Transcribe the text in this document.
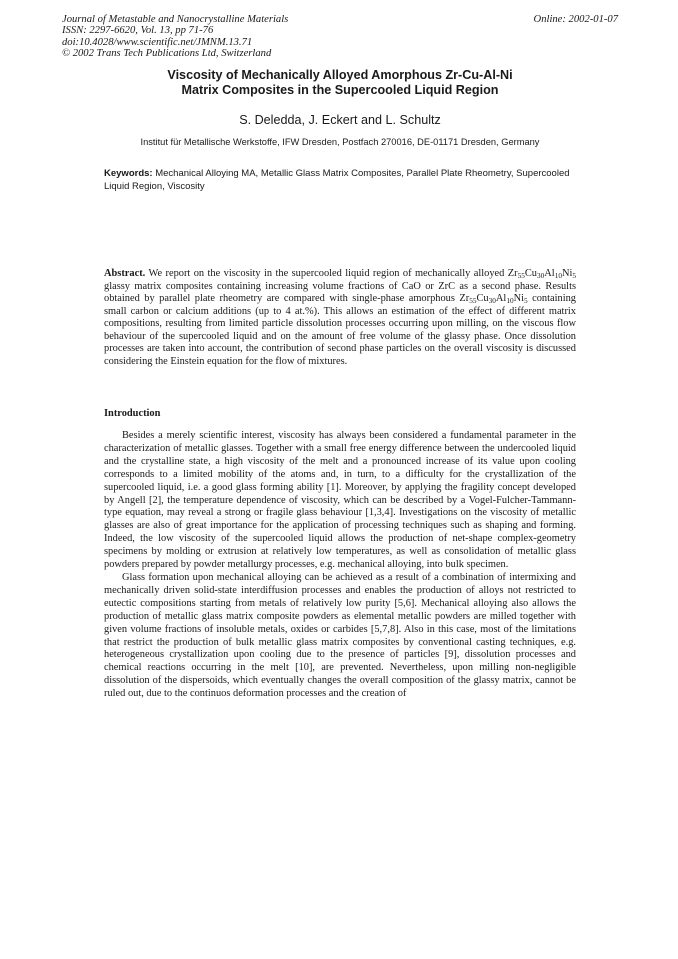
Journal of Metastable and Nanocrystalline Materials
ISSN: 2297-6620, Vol. 13, pp 71-76
doi:10.4028/www.scientific.net/JMNM.13.71
© 2002 Trans Tech Publications Ltd, Switzerland
Online: 2002-01-07
Viscosity of Mechanically Alloyed Amorphous Zr-Cu-Al-Ni
Matrix Composites in the Supercooled Liquid Region
S. Deledda, J. Eckert and L. Schultz
Institut für Metallische Werkstoffe, IFW Dresden, Postfach 270016, DE-01171 Dresden, Germany
Keywords: Mechanical Alloying MA, Metallic Glass Matrix Composites, Parallel Plate Rheometry, Supercooled Liquid Region, Viscosity
Abstract. We report on the viscosity in the supercooled liquid region of mechanically alloyed $Zr_{55}Cu_{30}Al_{10}Ni_5$ glassy matrix composites containing increasing volume fractions of CaO or ZrC as a second phase. Results obtained by parallel plate rheometry are compared with single-phase amorphous $Zr_{55}Cu_{30}Al_{10}Ni_5$ containing small carbon or calcium additions (up to 4 at.%). This allows an estimation of the effect of different matrix compositions, resulting from limited particle dissolution processes occurring upon milling, on the viscous flow behaviour of the supercooled liquid and on the amount of free volume of the glassy phase. Once dissolution processes are taken into account, the contribution of second phase particles on the overall viscosity is discussed considering the Einstein equation for the flow of mixtures.
Introduction

Besides a merely scientific interest, viscosity has always been considered a fundamental parameter in the characterization of metallic glasses. Together with a small free energy difference between the undercooled liquid and the crystalline state, a high viscosity of the melt and a pronounced increase of its value upon cooling corresponds to a limited mobility of the atoms and, in turn, to a difficulty for the crystallization of the supercooled liquid, i.e. a good glass forming ability [1]. Moreover, by applying the fragility concept developed by Angell [2], the temperature dependence of viscosity, which can be described by a Vogel-Fulcher-Tammann-type equation, may reveal a strong or fragile glass behaviour [1,3,4]. Investigations on the viscosity of metallic glasses are also of great importance for the application of processing techniques such as shaping and forming. Indeed, the low viscosity of the supercooled liquid allows the production of net-shape complex-geometry specimens by molding or extrusion at relatively low temperatures, as well as consolidation of metallic glass powders prepared by powder metallurgy processes, e.g. mechanical alloying, into bulk specimen.

Glass formation upon mechanical alloying can be achieved as a result of a combination of intermixing and mechanically driven solid-state interdiffusion processes and enables the production of alloys not restricted to eutectic compositions starting from metals of relatively low purity [5,6]. Mechanical alloying also allows the production of metallic glass matrix composite powders as elemental metallic powders are milled together with given volume fractions of insoluble metals, oxides or carbides [5,7,8]. Also in this case, most of the limitations that restrict the production of bulk metallic glass matrix composites by conventional casting techniques, e.g. heterogeneous crystallization upon cooling due to the presence of particles [9], dissolution processes and chemical reactions occurring in the melt [10], are prevented. Nevertheless, upon milling non-negligible dissolution of the dispersoids, which eventually changes the overall composition of the glassy matrix, cannot be ruled out, due to the continuos deformation processes and the creation of
